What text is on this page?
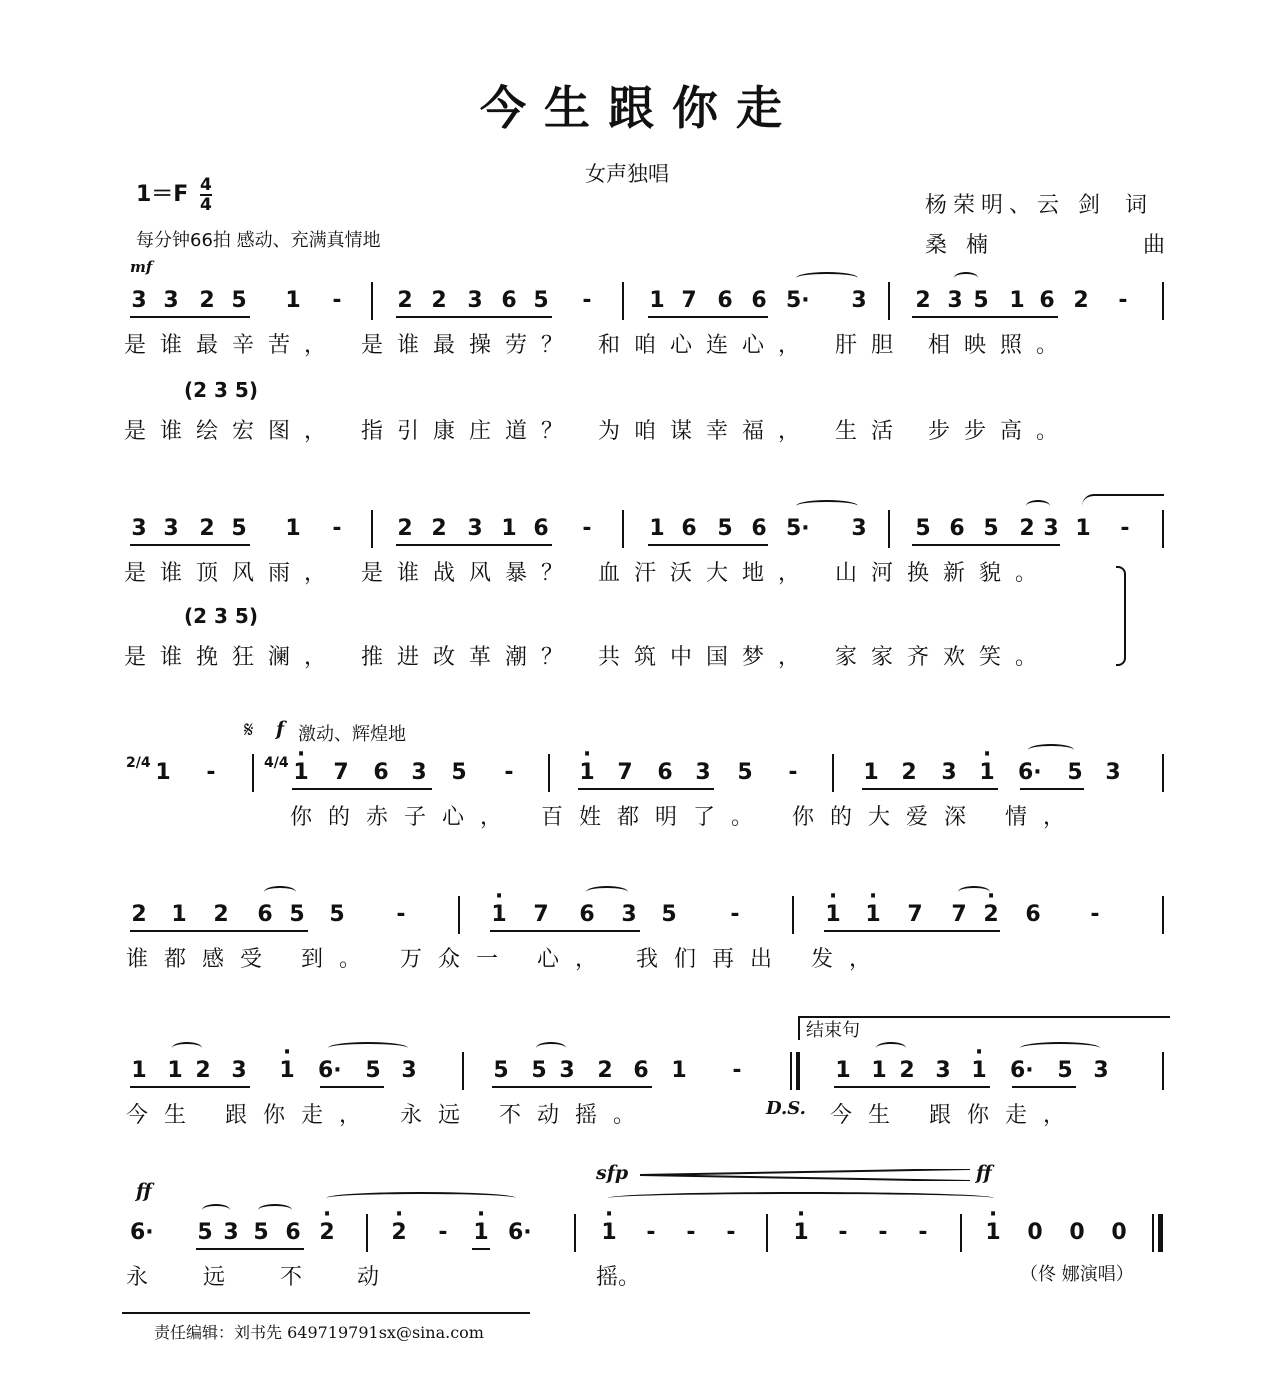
今生跟你走
女声独唱
$1=F \frac{4}{4}$
每分钟66拍 感动、充满真情地
杨荣明、云 剑 词
桑 楠	曲
mf
3 3 2 5 1 -	2 2 3 6 5 -	1 7 6 6 5· 3 2 3 5 1 6 2 -
是谁最辛苦， 是谁最操劳？ 和咱心连心， 肝胆 相映照。
(2 3 5)
是谁绘宏图， 指引康庄道？ 为咱谋幸福， 生活 步步高。
3 3 2 5 1 -	2 2 3 1 6 -	1 6 5 6 5· 3 5 6 5 2 3 1 -
是谁顶风雨， 是谁战风暴？ 血汗沃大地， 山河换新貌。
(2 3 5)
是谁挽狂澜， 推进改革潮？ 共筑中国梦， 家家齐欢笑。
𝄋 f 激动、辉煌地
2/4 1 -	4/4 · 1 7 6 3 5 -	· 1 7 6 3 5 -	1 2 3 · 1 6· 5 3
你的赤子心， 百姓都明了。 你的大爱深 情，
2 1 2 6 5 5 -	· 1 7 6 3 5 -	· 1 · 1 7 7 · 2 6 -
谁都感受 到。 万众一 心， 我们再出 发，
结束句
1 1 2 3 · 1 6· 5 3	5 5 3 2 6 1 -	1 1 2 3 · 1 6· 5 3
今生 跟你走， 永远 不动摇。	D.S.	今生 跟你走，
ff
sfp	ff
6· 5 3 5 6 · 2	· 2 - · 1 6·	· 1 - - -	· 1 - - -	· 1 0 0 0
永 远 不 动	摇。	（佟 娜演唱）
责任编辑：刘书先 649719791sx@sina.com
